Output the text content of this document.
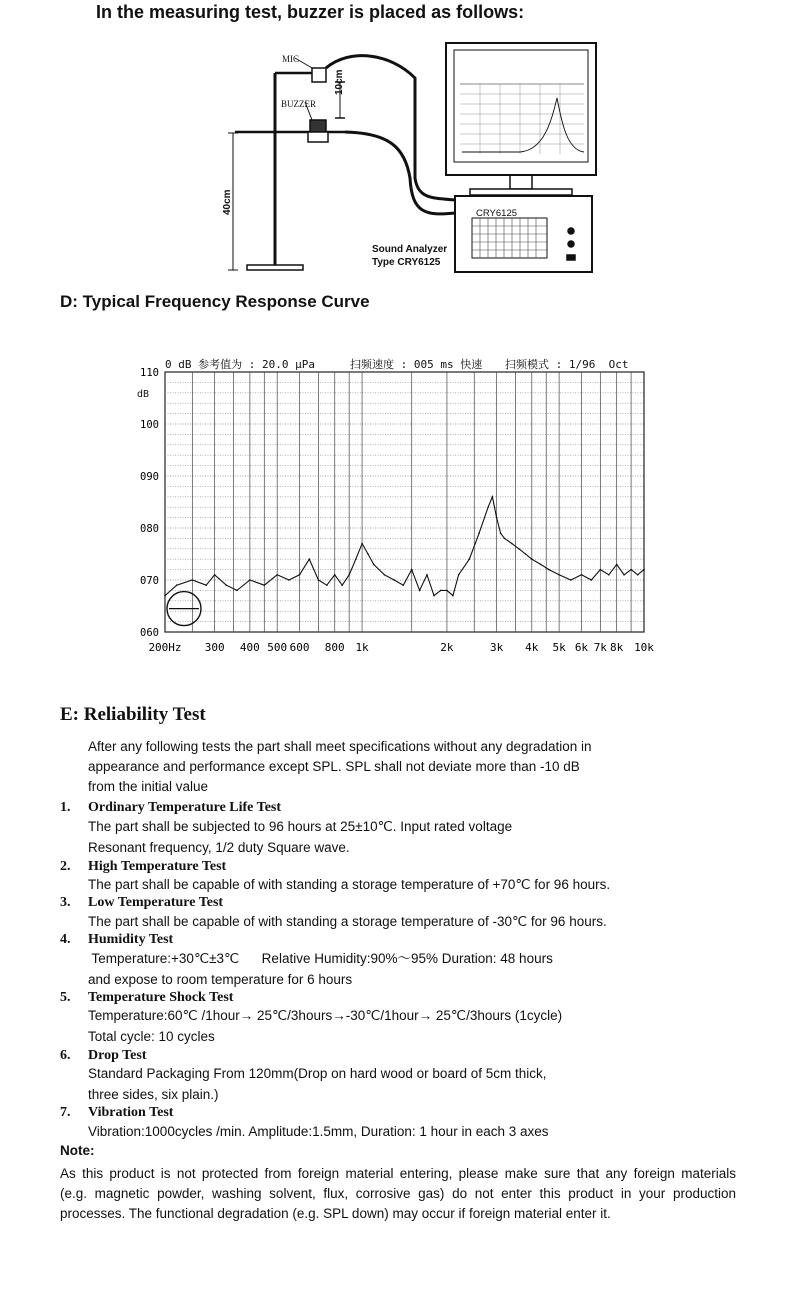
In the measuring test, buzzer is placed as follows:
MIC
BUZZER
10cm
40cm	CRY6125
Sound Analyzer
Type CRY6125
D: Typical Frequency Response Curve
0 dB 参考值为 : 20.0 μPa	扫频速度 : 005 ms 快速 扫频模式 : 1/96  Oct
dB
110
100
090
080
070
060
200Hz 300 400 500 600 800 1k	2k	3k 4k 5k 6k 7k 8k 10k
E: Reliability Test
After any following tests the part shall meet specifications without any degradation in
appearance and performance except SPL. SPL shall not deviate more than -10 dB
from the initial value
1. Ordinary Temperature Life Test
The part shall be subjected to 96 hours at 25±10℃. Input rated voltage
Resonant frequency, 1/2 duty Square wave.
2. High Temperature Test
The part shall be capable of with standing a storage temperature of +70℃ for 96 hours.
3. Low Temperature Test
The part shall be capable of with standing a storage temperature of -30℃ for 96 hours.
4. Humidity Test
Temperature:+30℃±3℃      Relative Humidity:90%～95% Duration: 48 hours
and expose to room temperature for 6 hours
5. Temperature Shock Test
Temperature:60℃ /1hour→ 25℃/3hours→-30℃/1hour→ 25℃/3hours (1cycle)
Total cycle: 10 cycles
6. Drop Test
Standard Packaging From 120mm(Drop on hard wood or board of 5cm thick,
three sides, six plain.)
7. Vibration Test
Vibration:1000cycles /min. Amplitude:1.5mm, Duration: 1 hour in each 3 axes
Note:
As this product is not protected from foreign material entering, please make sure that any foreign materials
(e.g. magnetic powder, washing solvent, flux, corrosive gas) do not enter this product in your production
processes. The functional degradation (e.g. SPL down) may occur if foreign material enter it.
